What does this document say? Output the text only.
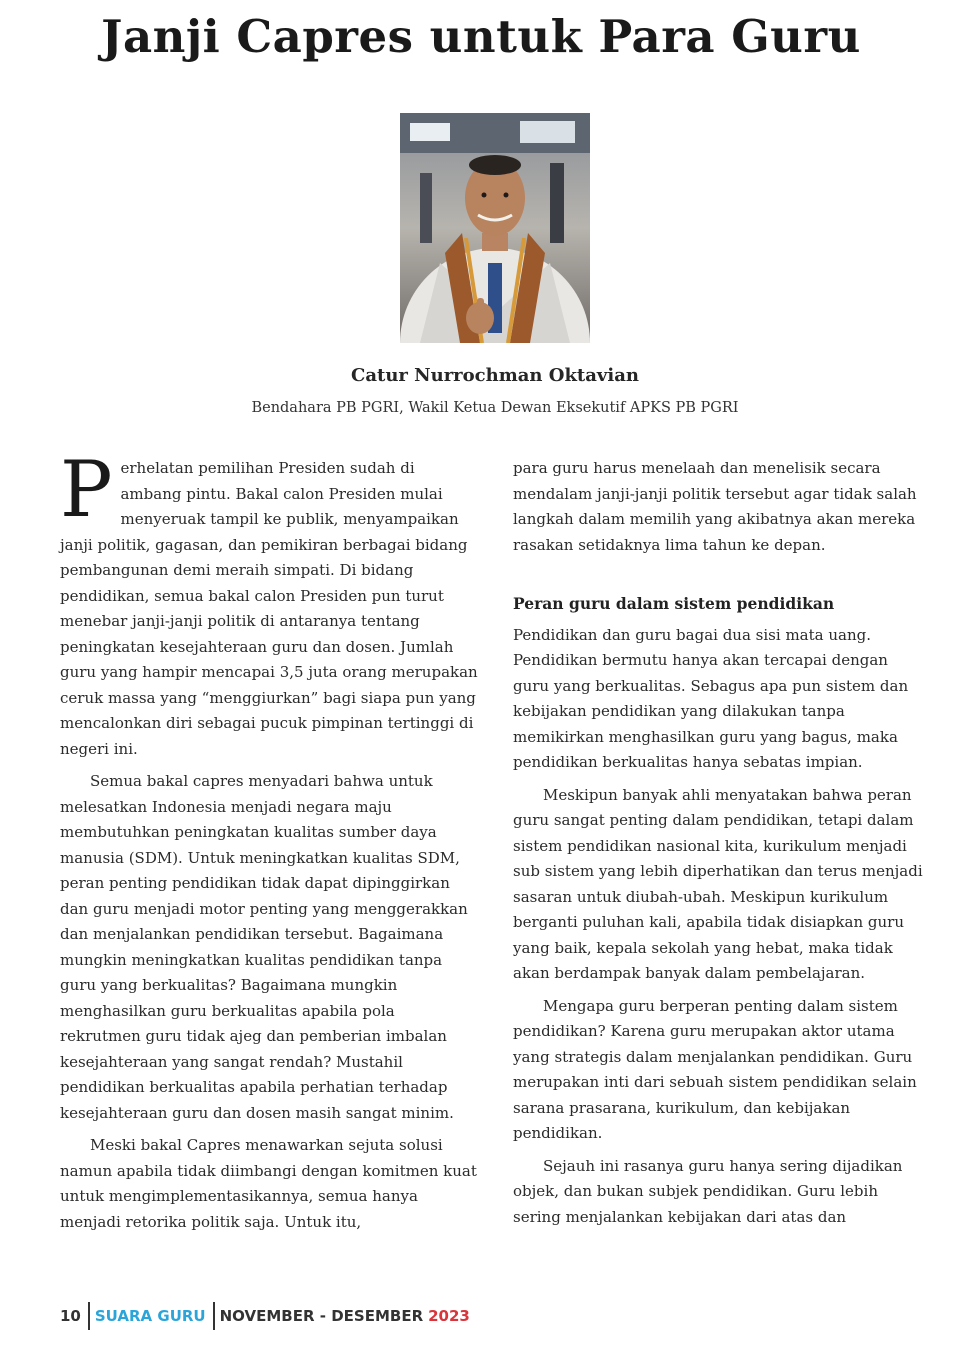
Janji Capres untuk Para Guru
Catur Nurrochman Oktavian
Bendahara PB PGRI, Wakil Ketua Dewan Eksekutif APKS PB PGRI

Perhelatan pemilihan Presiden sudah di ambang pintu. Bakal calon Presiden mulai menyeruak tampil ke publik, menyampaikan janji politik, gagasan, dan pemikiran berbagai bidang pembangunan demi meraih simpati. Di bidang pendidikan, semua bakal calon Presiden pun turut menebar janji-janji politik di antaranya tentang peningkatan kesejahteraan guru dan dosen. Jumlah guru yang hampir mencapai 3,5 juta orang merupakan ceruk massa yang “menggiurkan” bagi siapa pun yang mencalonkan diri sebagai pucuk pimpinan tertinggi di negeri ini.

Semua bakal capres menyadari bahwa untuk melesatkan Indonesia menjadi negara maju membutuhkan peningkatan kualitas sumber daya manusia (SDM). Untuk meningkatkan kualitas SDM, peran penting pendidikan tidak dapat dipinggirkan dan guru menjadi motor penting yang menggerakkan dan menjalankan pendidikan tersebut. Bagaimana mungkin meningkatkan kualitas pendidikan tanpa guru yang berkualitas? Bagaimana mungkin menghasilkan guru berkualitas apabila pola rekrutmen guru tidak ajeg dan pemberian imbalan kesejahteraan yang sangat rendah? Mustahil pendidikan berkualitas apabila perhatian terhadap kesejahteraan guru dan dosen masih sangat minim.

Meski bakal Capres menawarkan sejuta solusi namun apabila tidak diimbangi dengan komitmen kuat untuk mengimplementasikannya, semua hanya menjadi retorika politik saja. Untuk itu,

para guru harus menelaah dan menelisik secara mendalam janji-janji politik tersebut agar tidak salah langkah dalam memilih yang akibatnya akan mereka rasakan setidaknya lima tahun ke depan.

Peran guru dalam sistem pendidikan

Pendidikan dan guru bagai dua sisi mata uang. Pendidikan bermutu hanya akan tercapai dengan guru yang berkualitas. Sebagus apa pun sistem dan kebijakan pendidikan yang dilakukan tanpa memikirkan menghasilkan guru yang bagus, maka pendidikan berkualitas hanya sebatas impian.

Meskipun banyak ahli menyatakan bahwa peran guru sangat penting dalam pendidikan, tetapi dalam sistem pendidikan nasional kita, kurikulum menjadi sub sistem yang lebih diperhatikan dan terus menjadi sasaran untuk diubah-ubah. Meskipun kurikulum berganti puluhan kali, apabila tidak disiapkan guru yang baik, kepala sekolah yang hebat, maka tidak akan berdampak banyak dalam pembelajaran.

Mengapa guru berperan penting dalam sistem pendidikan? Karena guru merupakan aktor utama yang strategis dalam menjalankan pendidikan. Guru merupakan inti dari sebuah sistem pendidikan selain sarana prasarana, kurikulum, dan kebijakan pendidikan.

Sejauh ini rasanya guru hanya sering dijadikan objek, dan bukan subjek pendidikan. Guru lebih sering menjalankan kebijakan dari atas dan

10 SUARA GURU NOVEMBER - DESEMBER 2023
